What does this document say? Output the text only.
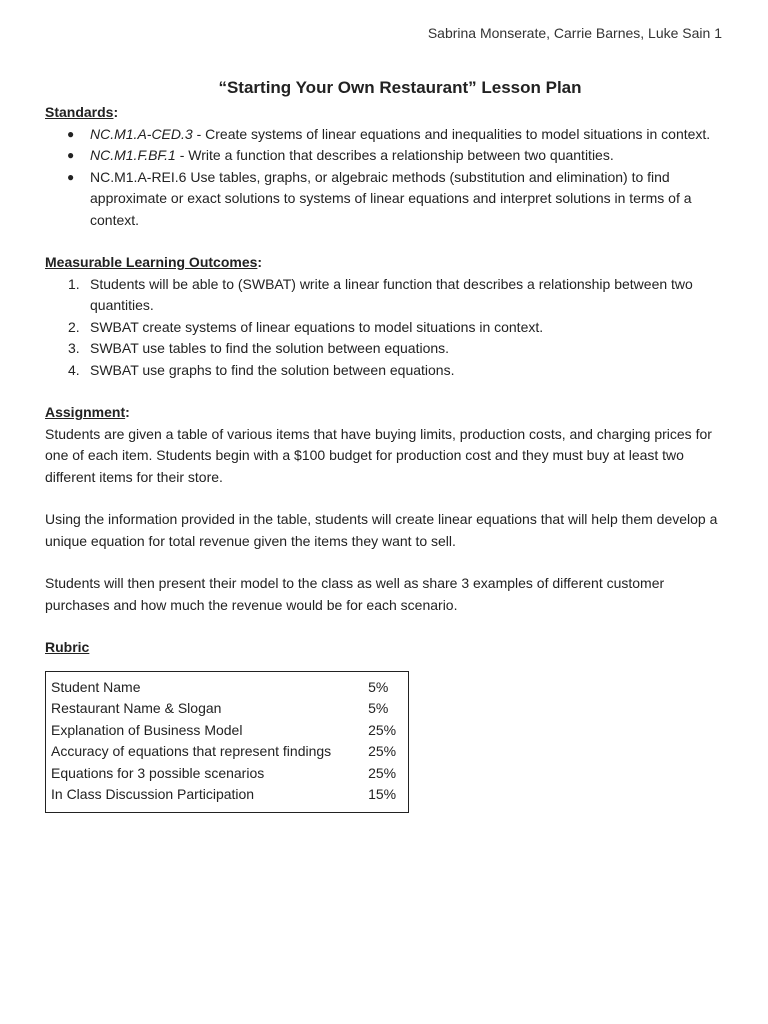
Sabrina Monserate, Carrie Barnes, Luke Sain 1
“Starting Your Own Restaurant” Lesson Plan

Standards:

● NC.M1.A-CED.3 - Create systems of linear equations and inequalities to model situations in context.
● NC.M1.F.BF.1 - Write a function that describes a relationship between two quantities.
● NC.M1.A-REI.6 Use tables, graphs, or algebraic methods (substitution and elimination) to find approximate or exact solutions to systems of linear equations and interpret solutions in terms of a context.

Measurable Learning Outcomes:

1. Students will be able to (SWBAT) write a linear function that describes a relationship between two quantities.
2. SWBAT create systems of linear equations to model situations in context.
3. SWBAT use tables to find the solution between equations.
4. SWBAT use graphs to find the solution between equations.

Assignment:

Students are given a table of various items that have buying limits, production costs, and charging prices for one of each item. Students begin with a $100 budget for production cost and they must buy at least two different items for their store.

Using the information provided in the table, students will create linear equations that will help them develop a unique equation for total revenue given the items they want to sell.

Students will then present their model to the class as well as share 3 examples of different customer purchases and how much the revenue would be for each scenario.

Rubric

Student Name	5%
Restaurant Name & Slogan	5%
Explanation of Business Model	25%
Accuracy of equations that represent findings	25%
Equations for 3 possible scenarios	25%
In Class Discussion Participation	15%
